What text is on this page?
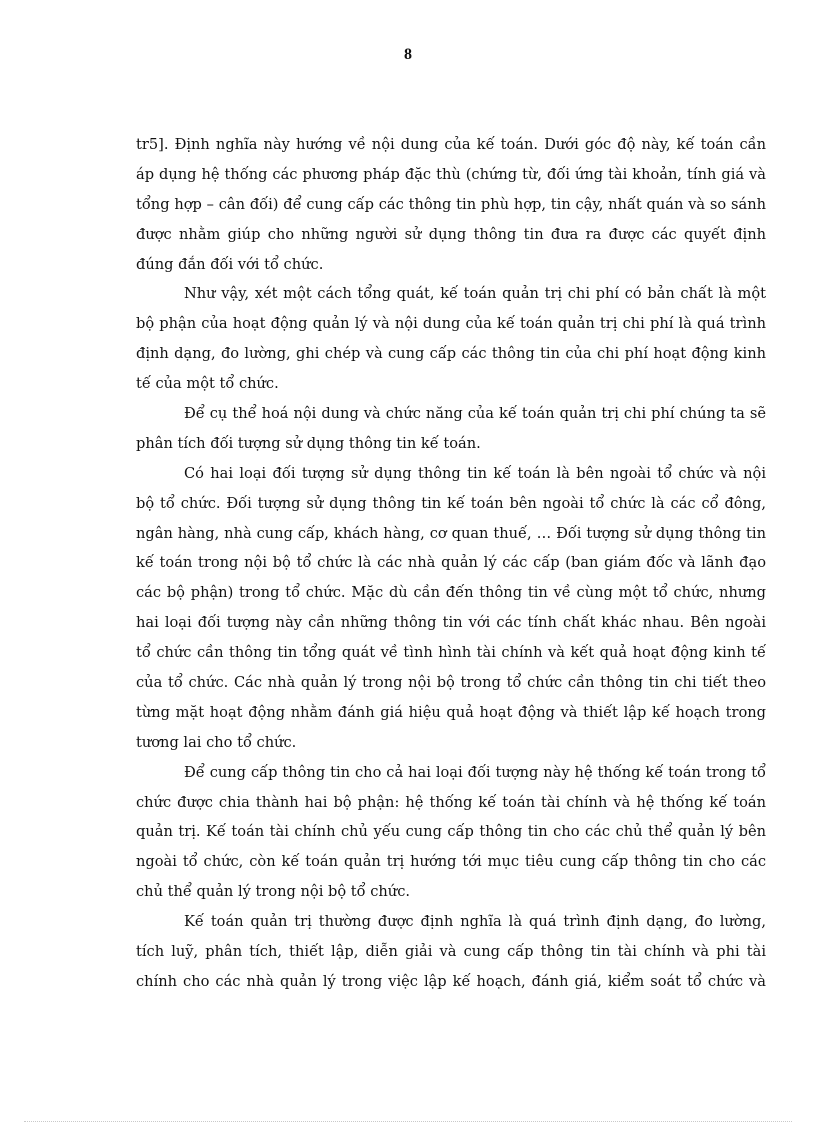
8
tr5]. Định nghĩa này hướng về nội dung của kế toán. Dưới góc độ này, kế toán cần
áp dụng hệ thống các phương pháp đặc thù (chứng từ, đối ứng tài khoản, tính giá và
tổng hợp – cân đối) để cung cấp các thông tin phù hợp, tin cậy, nhất quán và so sánh
được nhằm giúp cho những người sử dụng thông tin đưa ra được các quyết định
đúng đắn đối với tổ chức.
Như vậy, xét một cách tổng quát, kế toán quản trị chi phí có bản chất là một
bộ phận của hoạt động quản lý và nội dung của kế toán quản trị chi phí là quá trình
định dạng, đo lường, ghi chép và cung cấp các thông tin của chi phí hoạt động kinh
tế của một tổ chức.
Để cụ thể hoá nội dung và chức năng của kế toán quản trị chi phí chúng ta sẽ
phân tích đối tượng sử dụng thông tin kế toán.
Có hai loại đối tượng sử dụng thông tin kế toán là bên ngoài tổ chức và nội
bộ tổ chức. Đối tượng sử dụng thông tin kế toán bên ngoài tổ chức là các cổ đông,
ngân hàng, nhà cung cấp, khách hàng, cơ quan thuế, … Đối tượng sử dụng thông tin
kế toán trong nội bộ tổ chức là các nhà quản lý các cấp (ban giám đốc và lãnh đạo
các bộ phận) trong tổ chức. Mặc dù cần đến thông tin về cùng một tổ chức, nhưng
hai loại đối tượng này cần những thông tin với các tính chất khác nhau. Bên ngoài
tổ chức cần thông tin tổng quát về tình hình tài chính và kết quả hoạt động kinh tế
của tổ chức. Các nhà quản lý trong nội bộ trong tổ chức cần thông tin chi tiết theo
từng mặt hoạt động nhằm đánh giá hiệu quả hoạt động và thiết lập kế hoạch trong
tương lai cho tổ chức.
Để cung cấp thông tin cho cả hai loại đối tượng này hệ thống kế toán trong tổ
chức được chia thành hai bộ phận: hệ thống kế toán tài chính và hệ thống kế toán
quản trị. Kế toán tài chính chủ yếu cung cấp thông tin cho các chủ thể quản lý bên
ngoài tổ chức, còn kế toán quản trị hướng tới mục tiêu cung cấp thông tin cho các
chủ thể quản lý trong nội bộ tổ chức.
Kế toán quản trị thường được định nghĩa là quá trình định dạng, đo lường,
tích luỹ, phân tích, thiết lập, diễn giải và cung cấp thông tin tài chính và phi tài
chính cho các nhà quản lý trong việc lập kế hoạch, đánh giá, kiểm soát tổ chức và
